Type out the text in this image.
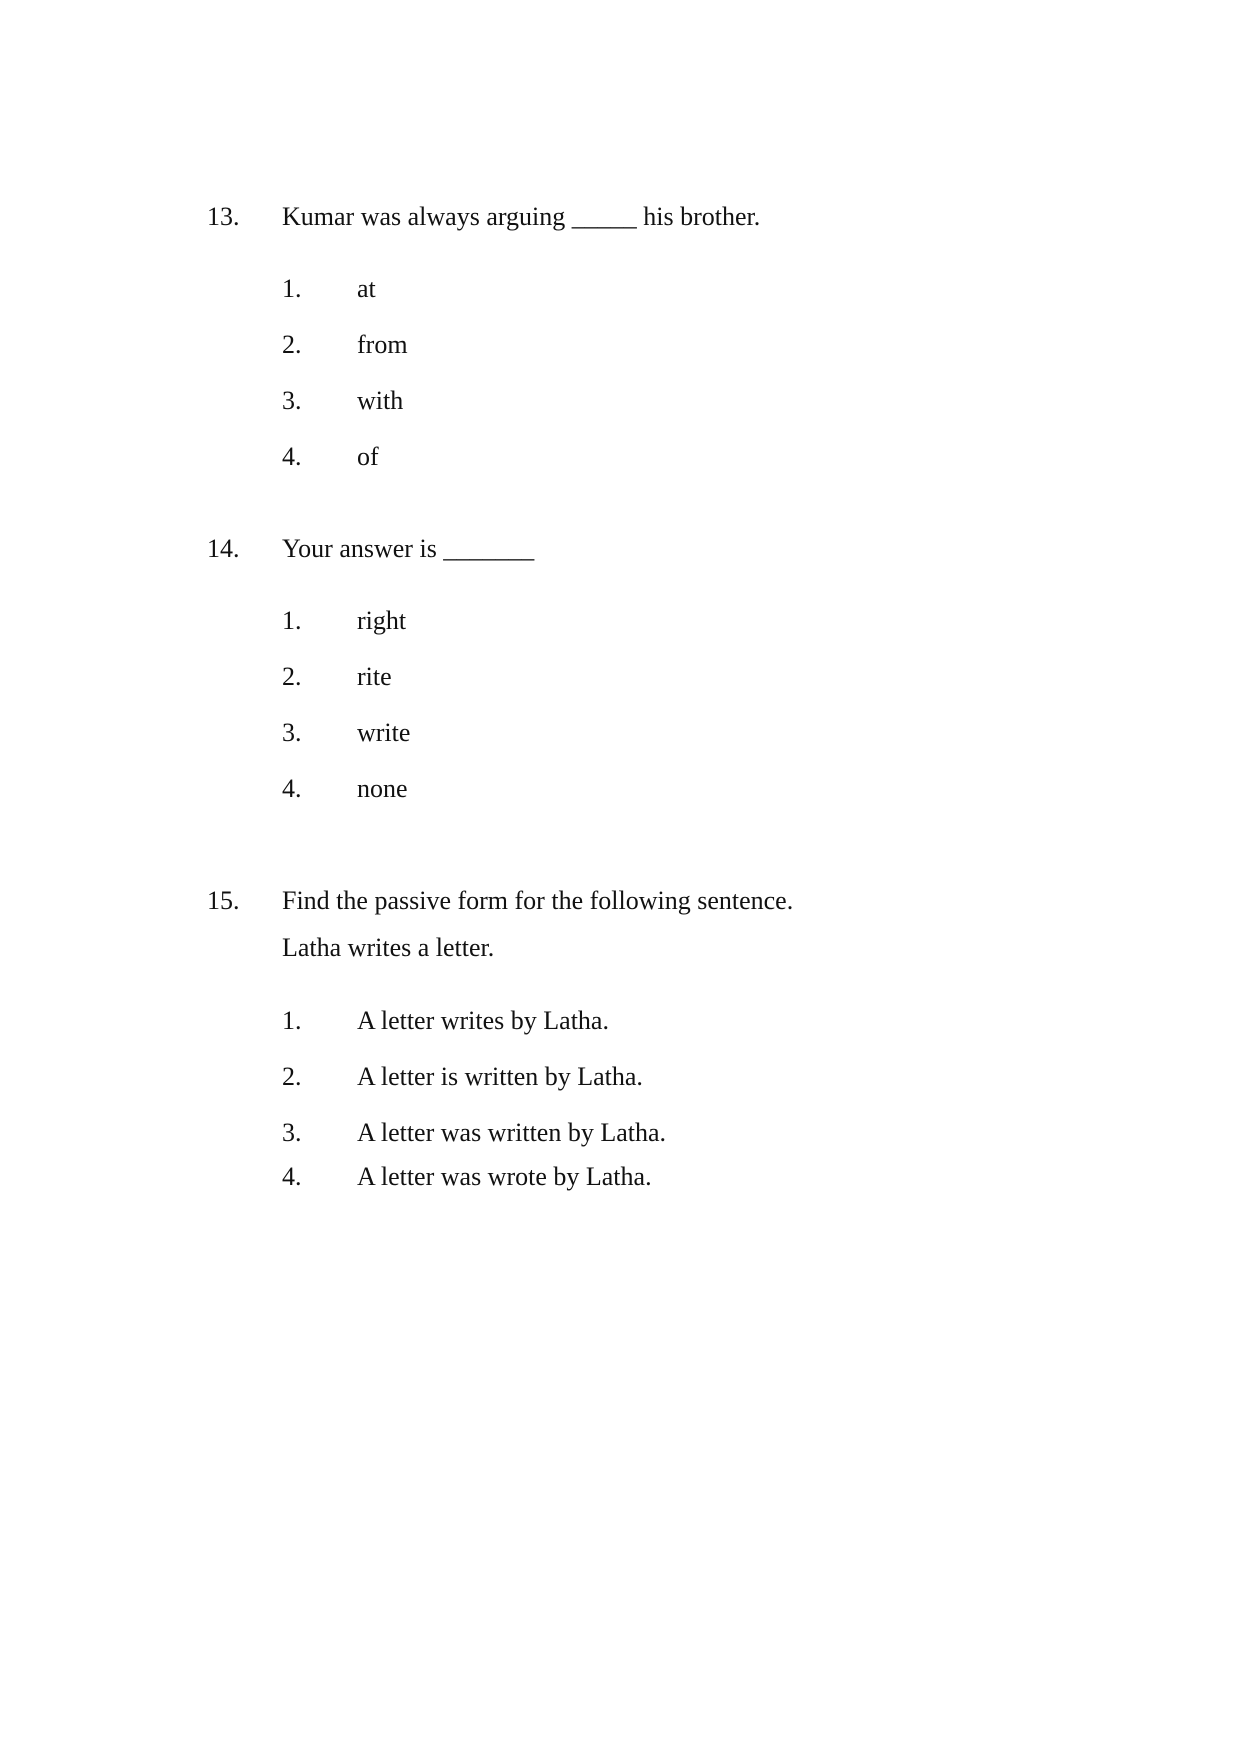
13. Kumar was always arguing _____ his brother.
1. at
2. from
3. with
4. of
14. Your answer is _______
1. right
2. rite
3. write
4. none
15. Find the passive form for the following sentence.
Latha writes a letter.
1. A letter writes by Latha.
2. A letter is written by Latha.
3. A letter was written by Latha.
4. A letter was wrote by Latha.
